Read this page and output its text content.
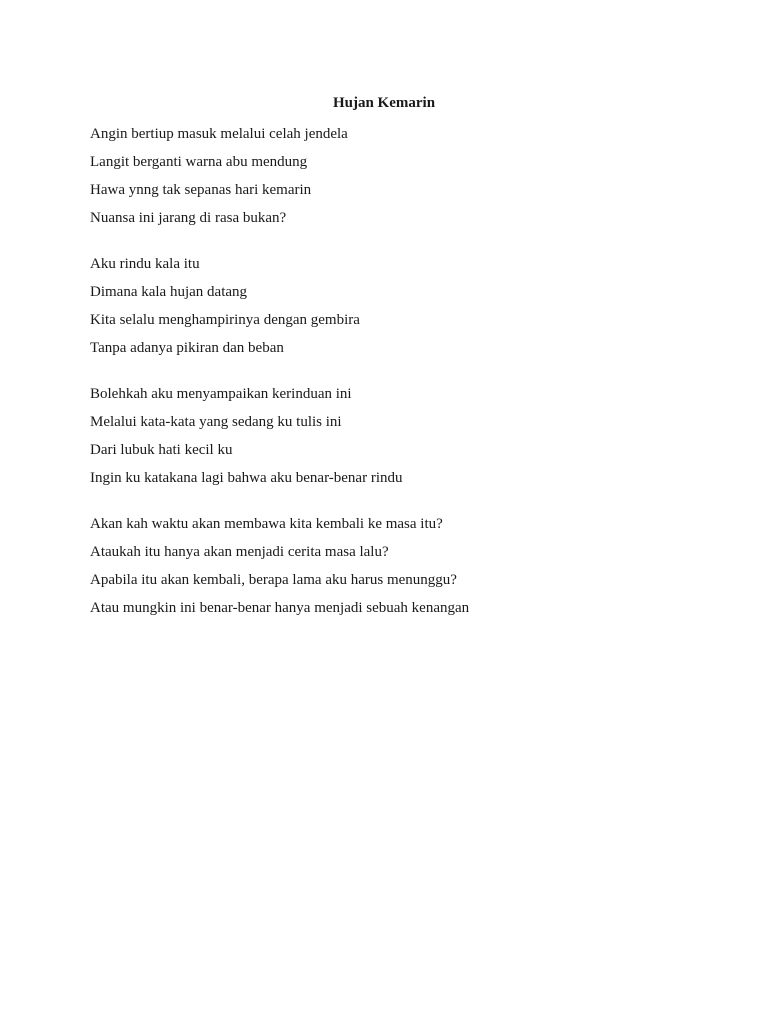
Hujan Kemarin
Angin bertiup masuk melalui celah jendela
Langit berganti warna abu mendung
Hawa ynng tak sepanas hari kemarin
Nuansa ini jarang di rasa bukan?
Aku rindu kala itu
Dimana kala hujan datang
Kita selalu menghampirinya dengan gembira
Tanpa adanya pikiran dan beban
Bolehkah aku menyampaikan kerinduan ini
Melalui kata-kata yang sedang ku tulis ini
Dari lubuk hati kecil ku
Ingin ku katakana lagi bahwa aku benar-benar rindu
Akan kah waktu akan membawa kita kembali ke masa itu?
Ataukah itu hanya akan menjadi cerita masa lalu?
Apabila itu akan kembali, berapa lama aku harus menunggu?
Atau mungkin ini benar-benar hanya menjadi sebuah kenangan
